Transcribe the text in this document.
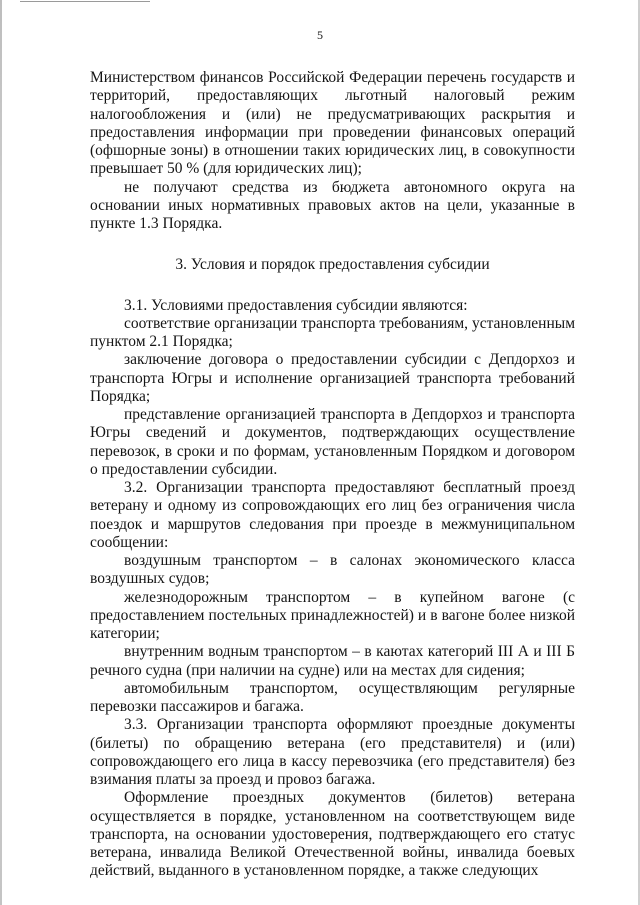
5

Министерством финансов Российской Федерации перечень государств и территорий, предоставляющих льготный налоговый режим налогообложения и (или) не предусматривающих раскрытия и предоставления информации при проведении финансовых операций (офшорные зоны) в отношении таких юридических лиц, в совокупности превышает 50 % (для юридических лиц);

не получают средства из бюджета автономного округа на основании иных нормативных правовых актов на цели, указанные в пункте 1.3 Порядка.

3. Условия и порядок предоставления субсидии

3.1. Условиями предоставления субсидии являются:

соответствие организации транспорта требованиям, установленным пунктом 2.1 Порядка;

заключение договора о предоставлении субсидии с Депдорхоз и транспорта Югры и исполнение организацией транспорта требований Порядка;

представление организацией транспорта в Депдорхоз и транспорта Югры сведений и документов, подтверждающих осуществление перевозок, в сроки и по формам, установленным Порядком и договором о предоставлении субсидии.

3.2. Организации транспорта предоставляют бесплатный проезд ветерану и одному из сопровождающих его лиц без ограничения числа поездок и маршрутов следования при проезде в межмуниципальном сообщении:

воздушным транспортом – в салонах экономического класса воздушных судов;

железнодорожным транспортом – в купейном вагоне (с предоставлением постельных принадлежностей) и в вагоне более низкой категории;

внутренним водным транспортом – в каютах категорий III А и III Б речного судна (при наличии на судне) или на местах для сидения;

автомобильным транспортом, осуществляющим регулярные перевозки пассажиров и багажа.

3.3. Организации транспорта оформляют проездные документы (билеты) по обращению ветерана (его представителя) и (или) сопровождающего его лица в кассу перевозчика (его представителя) без взимания платы за проезд и провоз багажа.

Оформление проездных документов (билетов) ветерана осуществляется в порядке, установленном на соответствующем виде транспорта, на основании удостоверения, подтверждающего его статус ветерана, инвалида Великой Отечественной войны, инвалида боевых действий, выданного в установленном порядке, а также следующих
